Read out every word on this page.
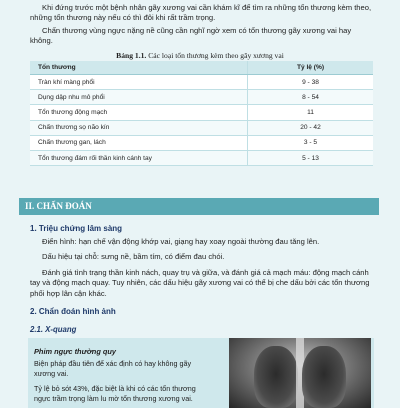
Khi đứng trước một bệnh nhân gãy xương vai cần khám kĩ để tìm ra những tổn thương kèm theo, những tổn thương này nếu có thì đôi khi rất trầm trọng.

Chấn thương vùng ngực nặng nề cũng cần nghĩ ngờ xem có tổn thương gãy xương vai hay không.

Bảng 1.1. Các loại tổn thương kèm theo gãy xương vai
Tổn thương	Tỷ lệ (%)
Tràn khí màng phổi	9 - 38
Dụng dập nhu mô phổi	8 - 54
Tổn thương động mạch	11
Chấn thương sọ não kín	20 - 42
Chấn thương gan, lách	3 - 5
Tổn thương đám rối thần kinh cánh tay	5 - 13
II. CHẨN ĐOÁN
1. Triệu chứng lâm sàng

Điển hình: hạn chế vận động khớp vai, giạng hay xoay ngoài thường đau tăng lên.

Dấu hiệu tại chỗ: sưng nề, bầm tím, có điểm đau chói.

Đánh giá tình trạng thần kinh nách, quay trụ và giữa, và đánh giá cả mạch máu: động mạch cánh tay và động mạch quay. Tuy nhiên, các dấu hiệu gãy xương vai có thể bị che dấu bởi các tổn thương phổi hợp lân cận khác.

2. Chẩn đoán hình ảnh
2.1. X-quang
Phim ngực thường quy

Biện pháp đầu tiên để xác định có hay không gãy xương vai.

Tỷ lệ bỏ sót 43%, đặc biệt là khi có các tổn thương ngực trầm trọng làm lu mờ tổn thương xương vai.
